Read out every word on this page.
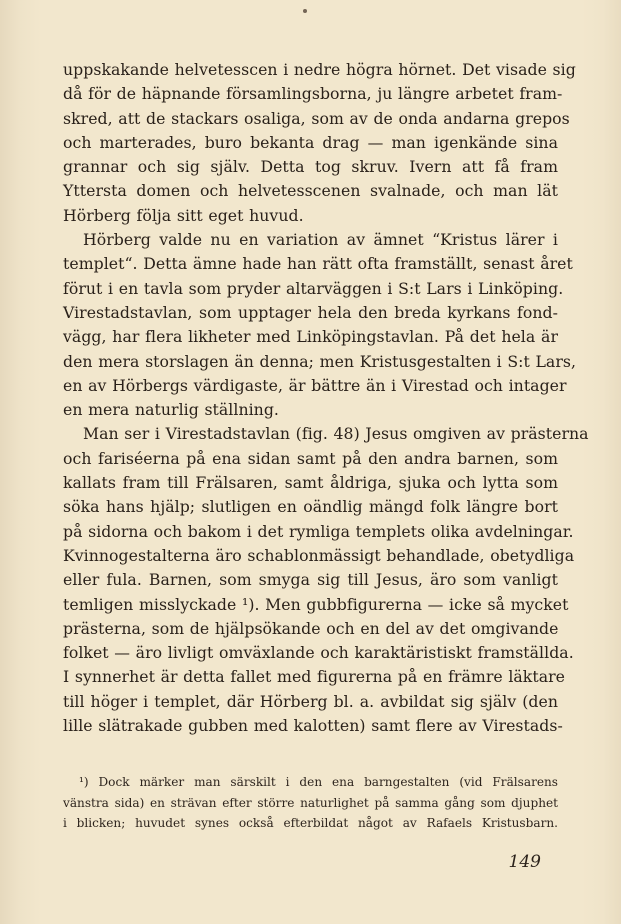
uppskakande helvetesscen i nedre högra hörnet. Det visade sig
då för de häpnande församlingsborna, ju längre arbetet fram-
skred, att de stackars osaliga, som av de onda andarna grepos
och marterades, buro bekanta drag — man igenkände sina
grannar och sig själv. Detta tog skruv. Ivern att få fram
Yttersta domen och helvetesscenen svalnade, och man lät
Hörberg följa sitt eget huvud.
Hörberg valde nu en variation av ämnet “Kristus lärer i
templet“. Detta ämne hade han rätt ofta framställt, senast året
förut i en tavla som pryder altarväggen i S:t Lars i Linköping.
Virestadstavlan, som upptager hela den breda kyrkans fond-
vägg, har flera likheter med Linköpingstavlan. På det hela är
den mera storslagen än denna; men Kristusgestalten i S:t Lars,
en av Hörbergs värdigaste, är bättre än i Virestad och intager
en mera naturlig ställning.
Man ser i Virestadstavlan (fig. 48) Jesus omgiven av prästerna
och fariséerna på ena sidan samt på den andra barnen, som
kallats fram till Frälsaren, samt åldriga, sjuka och lytta som
söka hans hjälp; slutligen en oändlig mängd folk längre bort
på sidorna och bakom i det rymliga templets olika avdelningar.
Kvinnogestalterna äro schablonmässigt behandlade, obetydliga
eller fula. Barnen, som smyga sig till Jesus, äro som vanligt
temligen misslyckade ¹). Men gubbfigurerna — icke så mycket
prästerna, som de hjälpsökande och en del av det omgivande
folket — äro livligt omväxlande och karaktäristiskt framställda.
I synnerhet är detta fallet med figurerna på en främre läktare
till höger i templet, där Hörberg bl. a. avbildat sig själv (den
lille slätrakade gubben med kalotten) samt flere av Virestads-
¹) Dock märker man särskilt i den ena barngestalten (vid Frälsarens
vänstra sida) en strävan efter större naturlighet på samma gång som djuphet
i blicken; huvudet synes också efterbildat något av Rafaels Kristusbarn.
149
